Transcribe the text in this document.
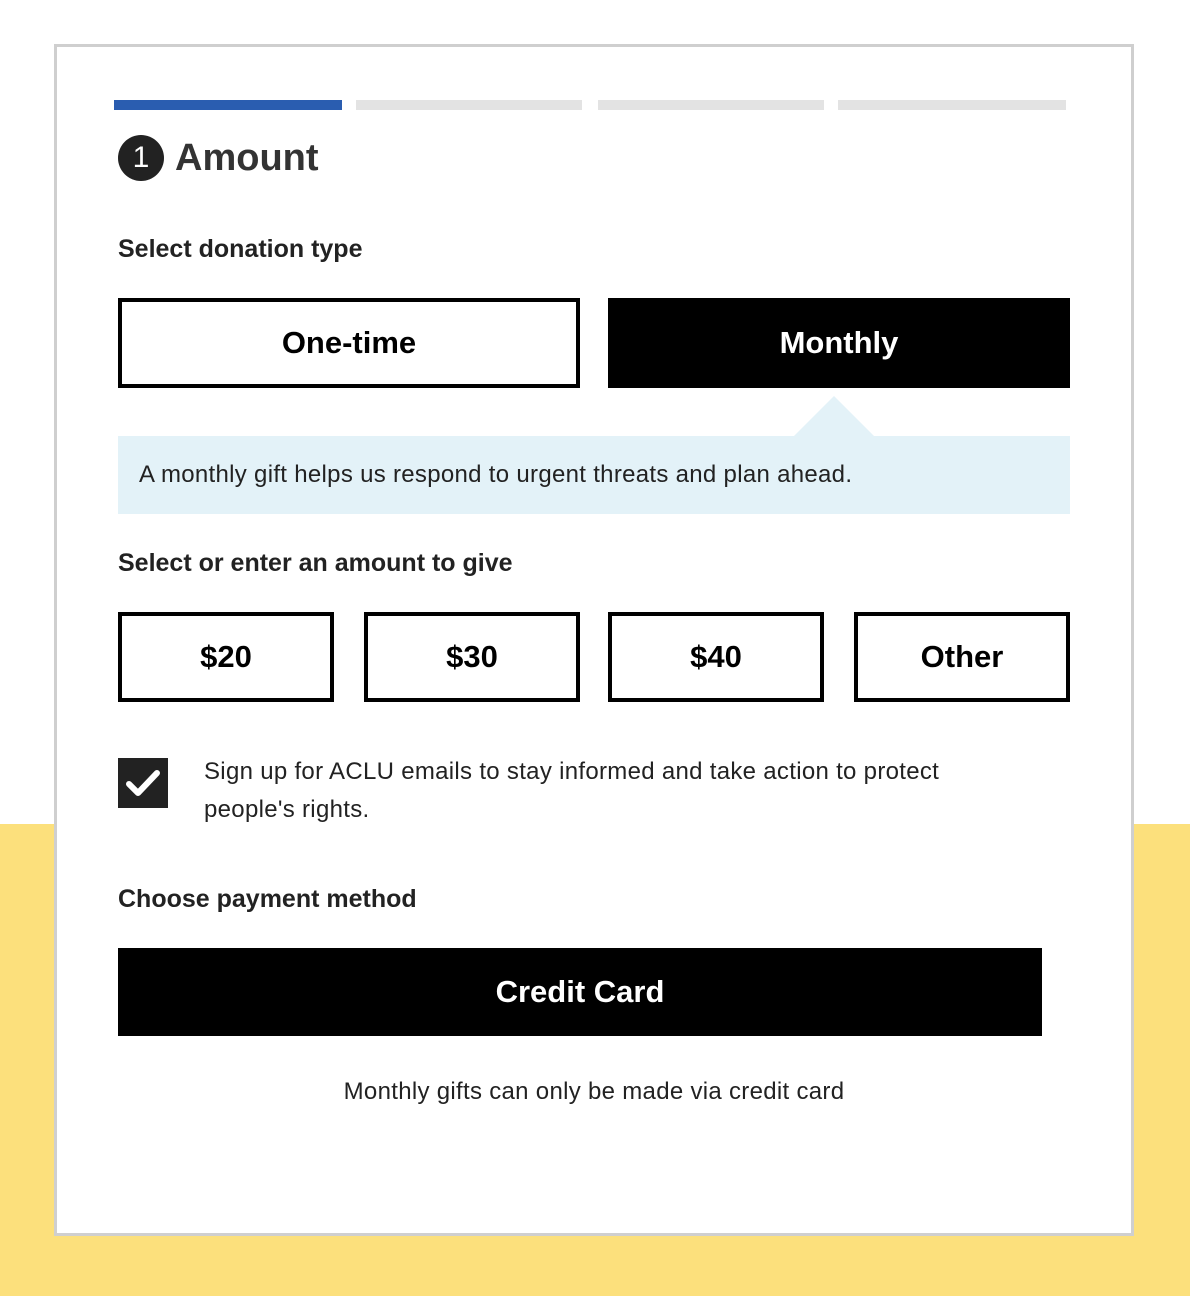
1 Amount
Select donation type
One-time	Monthly
A monthly gift helps us respond to urgent threats and plan ahead.
Select or enter an amount to give
$20	$30	$40	Other
Sign up for ACLU emails to stay informed and take action to protect people's rights.
Choose payment method
Credit Card
Monthly gifts can only be made via credit card
